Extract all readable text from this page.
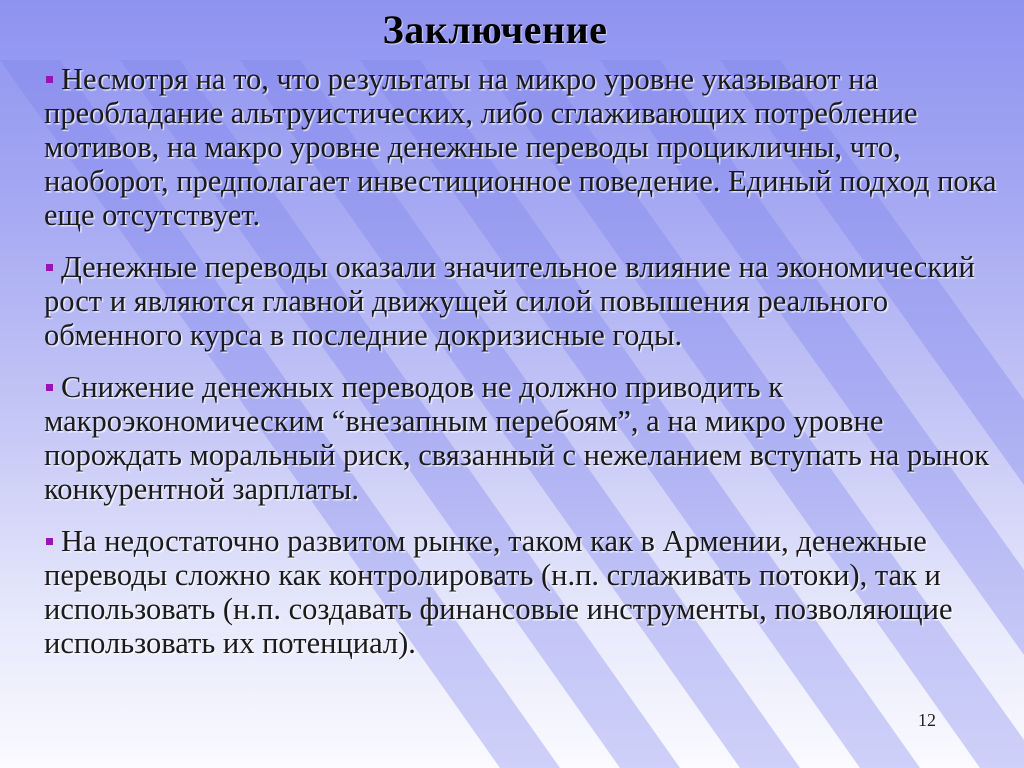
Заключение
Несмотря на то, что результаты на микро уровне указывают на преобладание альтруистических, либо сглаживающих потребление мотивов, на макро уровне денежные переводы процикличны, что, наоборот, предполагает инвестиционное поведение. Единый подход пока еще отсутствует.
Денежные переводы оказали значительное влияние на экономический рост и являются главной движущей силой повышения реального обменного курса в последние докризисные годы.
Снижение денежных переводов не должно приводить к макроэкономическим “внезапным перебоям”, а на микро уровне порождать моральный риск, связанный с нежеланием вступать на рынок конкурентной зарплаты.
На недостаточно развитом рынке, таком как в Армении, денежные переводы сложно как контролировать (н.п. сглаживать потоки), так и использовать (н.п. создавать финансовые инструменты, позволяющие использовать их потенциал).
12
